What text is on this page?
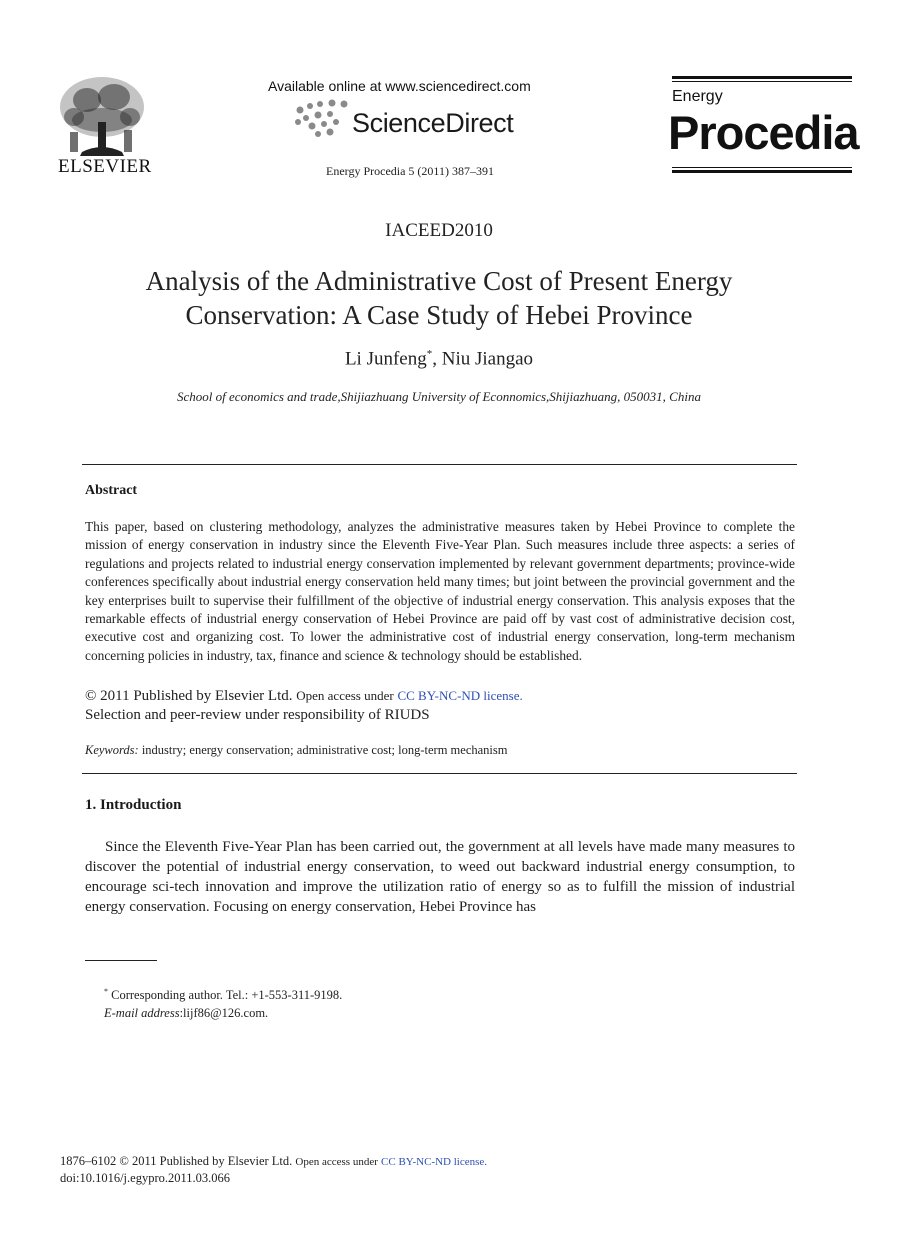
ELSEVIER
Available online at www.sciencedirect.com
ScienceDirect
Energy Procedia 5 (2011) 387–391
Energy
Procedia
IACEED2010
Analysis of the Administrative Cost of Present Energy Conservation: A Case Study of Hebei Province
Li Junfeng*, Niu Jiangao
School of economics and trade,Shijiazhuang University of Econnomics,Shijiazhuang, 050031, China
Abstract
This paper, based on clustering methodology, analyzes the administrative measures taken by Hebei Province to complete the mission of energy conservation in industry since the Eleventh Five-Year Plan. Such measures include three aspects: a series of regulations and projects related to industrial energy conservation implemented by relevant government departments; province-wide conferences specifically about industrial energy conservation held many times; but joint between the provincial government and the key enterprises built to supervise their fulfillment of the objective of industrial energy conservation. This analysis exposes that the remarkable effects of industrial energy conservation of Hebei Province are paid off by vast cost of administrative decision cost, executive cost and organizing cost. To lower the administrative cost of industrial energy conservation, long-term mechanism concerning policies in industry, tax, finance and science & technology should be established.
© 2011 Published by Elsevier Ltd. Open access under CC BY-NC-ND license.
Selection and peer-review under responsibility of RIUDS
Keywords: industry; energy conservation; administrative cost; long-term mechanism
1. Introduction

Since the Eleventh Five-Year Plan has been carried out, the government at all levels have made many measures to discover the potential of industrial energy conservation, to weed out backward industrial energy consumption, to encourage sci-tech innovation and improve the utilization ratio of energy so as to fulfill the mission of industrial energy conservation. Focusing on energy conservation, Hebei Province has

* Corresponding author. Tel.: +1-553-311-9198.
E-mail address:lijf86@126.com.
1876–6102 © 2011 Published by Elsevier Ltd. Open access under CC BY-NC-ND license.
doi:10.1016/j.egypro.2011.03.066
